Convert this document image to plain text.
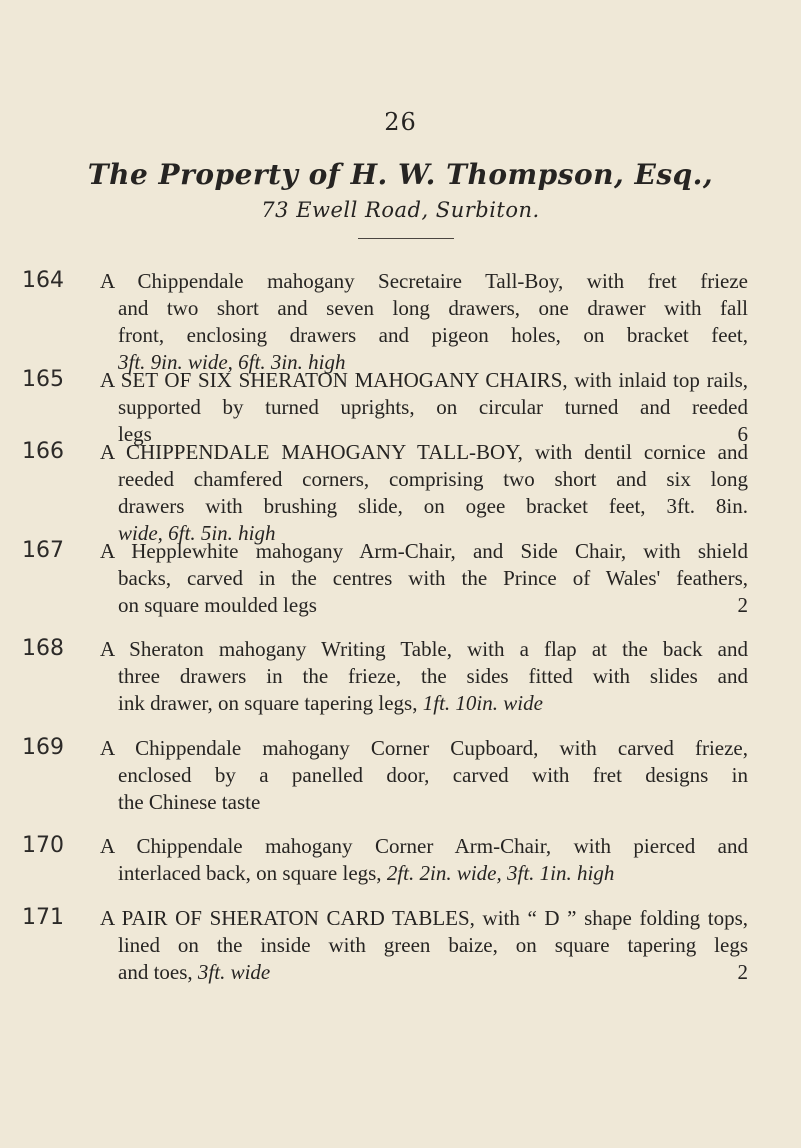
26
The Property of H. W. Thompson, Esq.,
73 Ewell Road, Surbiton.
164 A Chippendale mahogany Secretaire Tall-Boy, with fret frieze
and two short and seven long drawers, one drawer with fall
front, enclosing drawers and pigeon holes, on bracket feet,
3ft. 9in. wide, 6ft. 3in. high
165 A SET OF SIX SHERATON MAHOGANY CHAIRS, with inlaid top rails,
supported by turned uprights, on circular turned and reeded
legs	6
166 A CHIPPENDALE MAHOGANY TALL-BOY, with dentil cornice and
reeded chamfered corners, comprising two short and six long
drawers with brushing slide, on ogee bracket feet, 3ft. 8in.
wide, 6ft. 5in. high
167 A Hepplewhite mahogany Arm-Chair, and Side Chair, with shield
backs, carved in the centres with the Prince of Wales' feathers,
on square moulded legs	2
168 A Sheraton mahogany Writing Table, with a flap at the back and
three drawers in the frieze, the sides fitted with slides and
ink drawer, on square tapering legs, 1ft. 10in. wide
169 A Chippendale mahogany Corner Cupboard, with carved frieze,
enclosed by a panelled door, carved with fret designs in
the Chinese taste
170 A Chippendale mahogany Corner Arm-Chair, with pierced and
interlaced back, on square legs, 2ft. 2in. wide, 3ft. 1in. high
171 A PAIR OF SHERATON CARD TABLES, with “ D ” shape folding tops,
lined on the inside with green baize, on square tapering legs
and toes, 3ft. wide	2
